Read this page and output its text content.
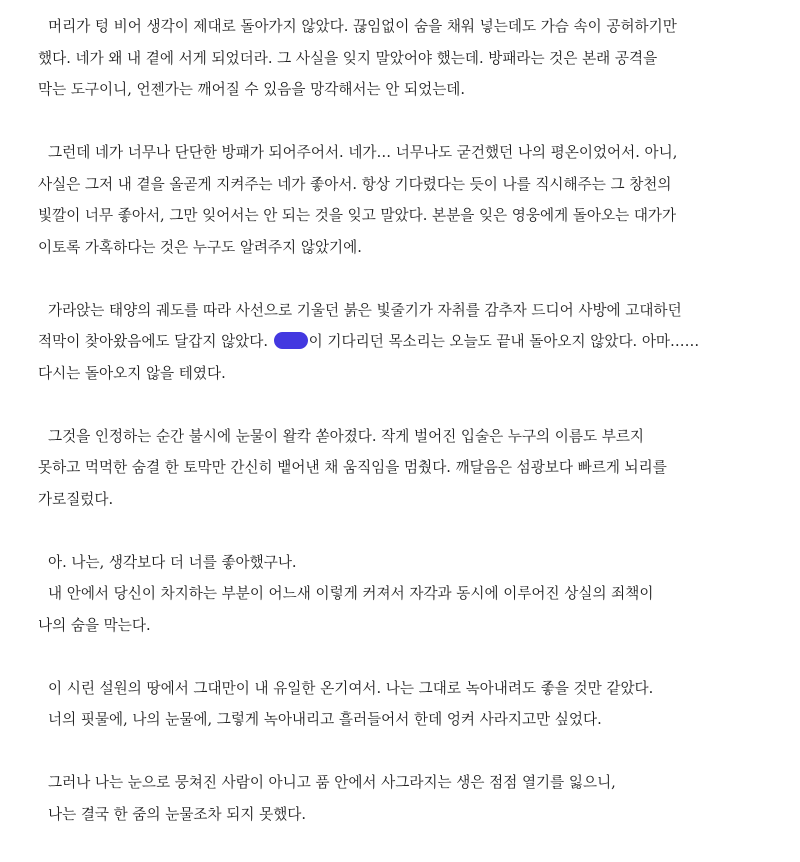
머리가 텅 비어 생각이 제대로 돌아가지 않았다. 끊임없이 숨을 채워 넣는데도 가슴 속이 공허하기만
했다. 네가 왜 내 곁에 서게 되었더라. 그 사실을 잊지 말았어야 했는데. 방패라는 것은 본래 공격을
막는 도구이니, 언젠가는 깨어질 수 있음을 망각해서는 안 되었는데.

그런데 네가 너무나 단단한 방패가 되어주어서. 네가… 너무나도 굳건했던 나의 평온이었어서. 아니,
사실은 그저 내 곁을 올곧게 지켜주는 네가 좋아서. 항상 기다렸다는 듯이 나를 직시해주는 그 창천의
빛깔이 너무 좋아서, 그만 잊어서는 안 되는 것을 잊고 말았다. 본분을 잊은 영웅에게 돌아오는 대가가
이토록 가혹하다는 것은 누구도 알려주지 않았기에.

가라앉는 태양의 궤도를 따라 사선으로 기울던 붉은 빛줄기가 자취를 감추자 드디어 사방에 고대하던
적막이 찾아왔음에도 달갑지 않았다.	이 기다리던 목소리는 오늘도 끝내 돌아오지 않았다. 아마……
다시는 돌아오지 않을 테였다.

그것을 인정하는 순간 불시에 눈물이 왈칵 쏟아졌다. 작게 벌어진 입술은 누구의 이름도 부르지
못하고 먹먹한 숨결 한 토막만 간신히 뱉어낸 채 움직임을 멈췄다. 깨달음은 섬광보다 빠르게 뇌리를
가로질렀다.

아. 나는, 생각보다 더 너를 좋아했구나.
내 안에서 당신이 차지하는 부분이 어느새 이렇게 커져서 자각과 동시에 이루어진 상실의 죄책이
나의 숨을 막는다.

이 시린 설원의 땅에서 그대만이 내 유일한 온기여서. 나는 그대로 녹아내려도 좋을 것만 같았다.
너의 핏물에, 나의 눈물에, 그렇게 녹아내리고 흘러들어서 한데 엉켜 사라지고만 싶었다.

그러나 나는 눈으로 뭉쳐진 사람이 아니고 품 안에서 사그라지는 생은 점점 열기를 잃으니,
나는 결국 한 줌의 눈물조차 되지 못했다.
